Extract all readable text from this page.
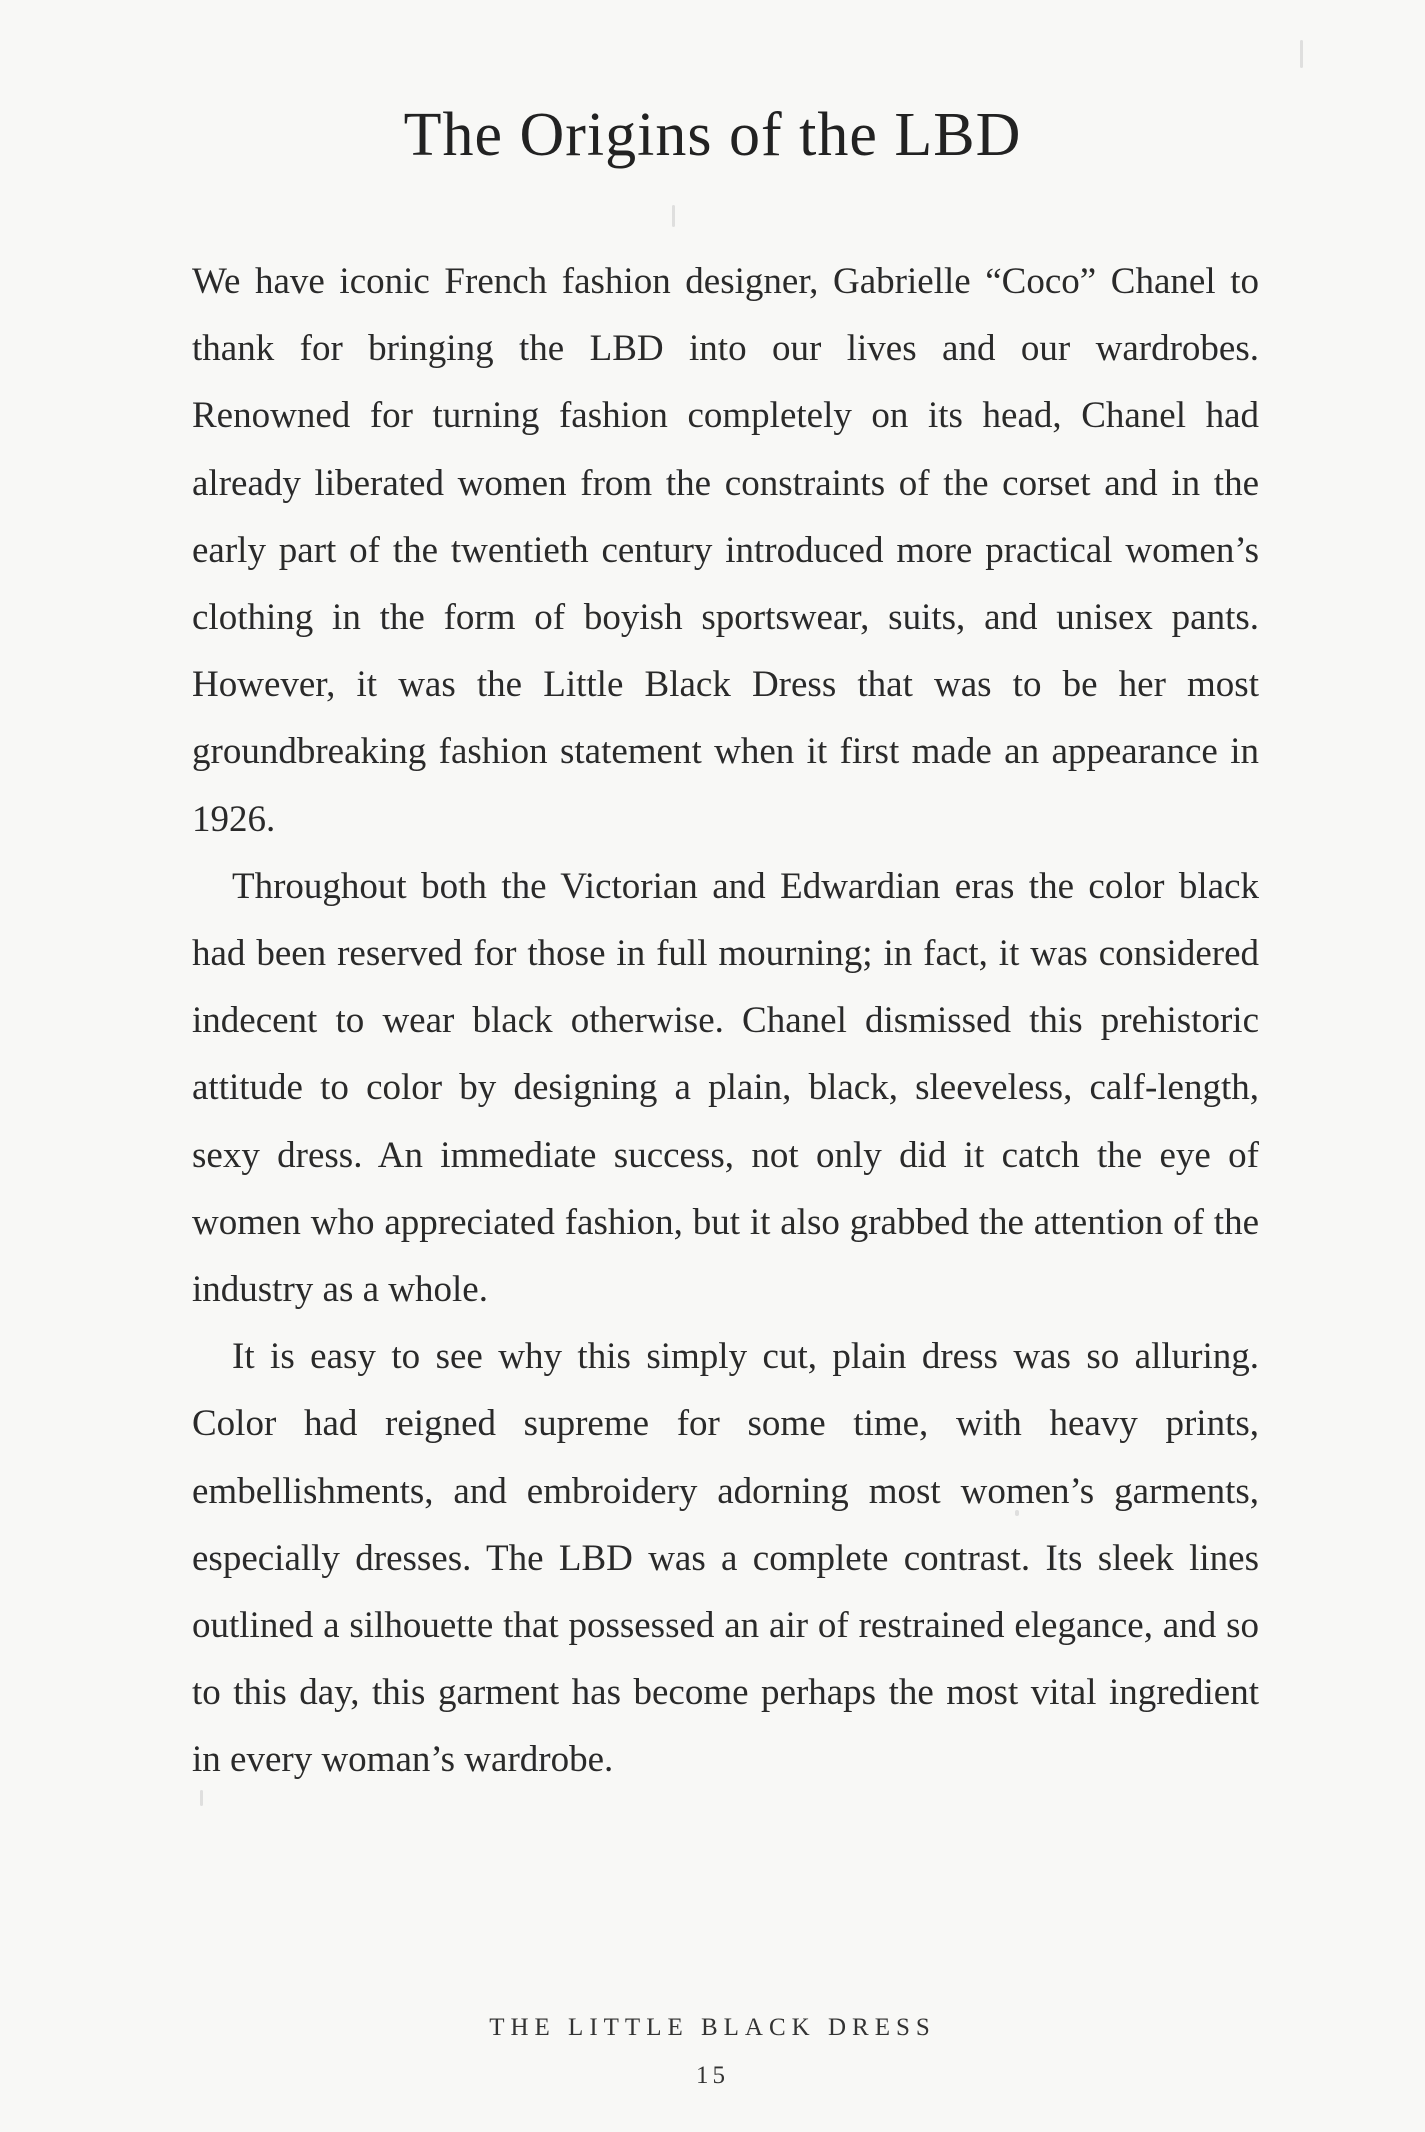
The Origins of the LBD

We have iconic French fashion designer, Gabrielle “Coco” Chanel to thank for bringing the LBD into our lives and our wardrobes. Renowned for turning fashion completely on its head, Chanel had already liberated women from the constraints of the corset and in the early part of the twentieth century introduced more practical women’s clothing in the form of boyish sportswear, suits, and unisex pants. However, it was the Little Black Dress that was to be her most groundbreaking fashion statement when it first made an appearance in 1926.

Throughout both the Victorian and Edwardian eras the color black had been reserved for those in full mourning; in fact, it was considered indecent to wear black otherwise. Chanel dismissed this prehistoric attitude to color by designing a plain, black, sleeveless, calf-length, sexy dress. An immediate success, not only did it catch the eye of women who appreciated fashion, but it also grabbed the attention of the industry as a whole.

It is easy to see why this simply cut, plain dress was so alluring. Color had reigned supreme for some time, with heavy prints, embellishments, and embroidery adorning most women’s garments, especially dresses. The LBD was a complete contrast. Its sleek lines outlined a silhouette that possessed an air of restrained elegance, and so to this day, this garment has become perhaps the most vital ingredient in every woman’s wardrobe.

THE LITTLE BLACK DRESS
15
